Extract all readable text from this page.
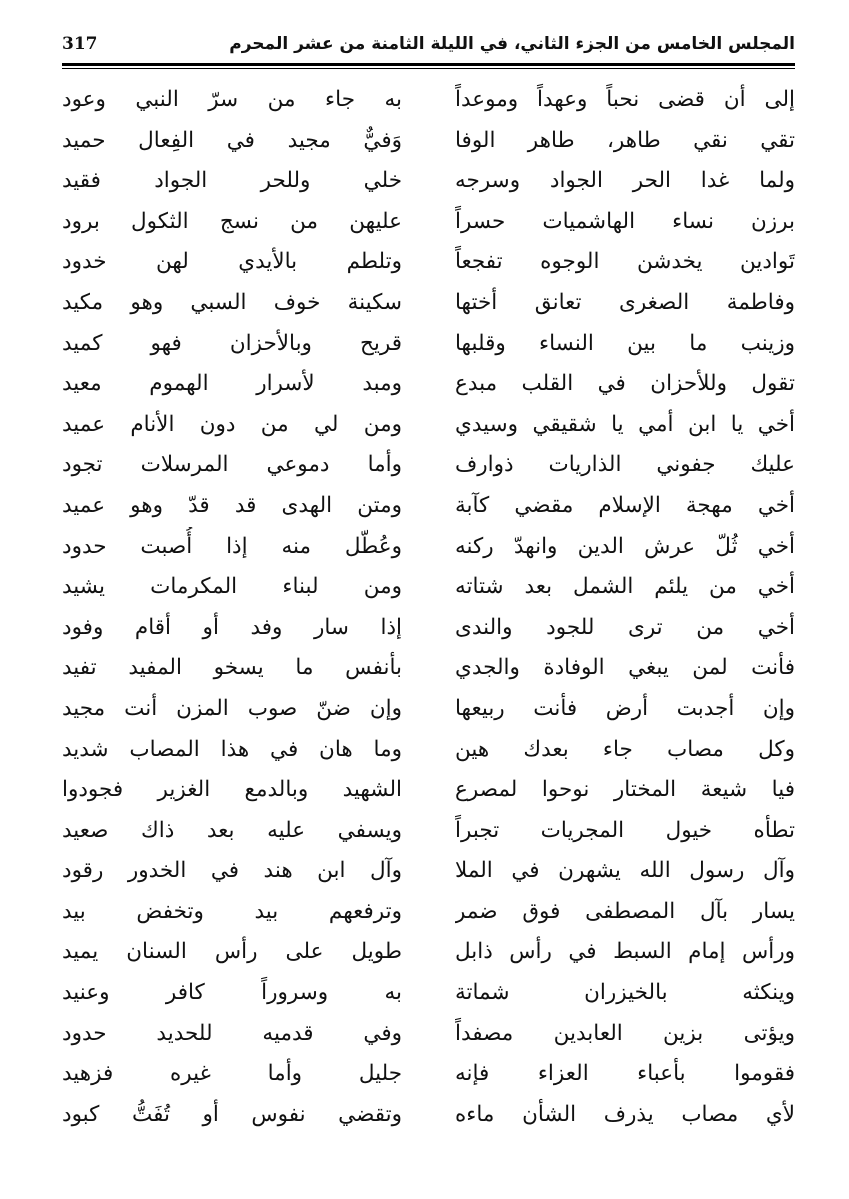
المجلس الخامس من الجزء الثاني، في الليلة الثامنة من عشر المحرم
317
إلى أن قضى نحباً وعهداً وموعداً
به جاء من سرّ النبي وعود
تقي نقي طاهر، طاهر الوفا
وَفيٌّ مجيد في الفِعال حميد
ولما غدا الحر الجواد وسرجه
خلي وللحر الجواد فقيد
برزن نساء الهاشميات حسراً
عليهن من نسج الثكول برود
تَوادين يخدشن الوجوه تفجعاً
وتلطم بالأيدي لهن خدود
وفاطمة الصغرى تعانق أختها
سكينة خوف السبي وهو مكيد
وزينب ما بين النساء وقلبها
قريح وبالأحزان فهو كميد
تقول وللأحزان في القلب مبدع
ومبد لأسرار الهموم معيد
أخي يا ابن أمي يا شقيقي وسيدي
ومن لي من دون الأنام عميد
عليك جفوني الذاريات ذوارف
وأما دموعي المرسلات تجود
أخي مهجة الإسلام مقضي كآبة
ومتن الهدى قد قدّ وهو عميد
أخي ثُلّ عرش الدين وانهدّ ركنه
وعُطّل منه إذا أُصبت حدود
أخي من يلئم الشمل بعد شتاته
ومن لبناء المكرمات يشيد
أخي من ترى للجود والندى
إذا سار وفد أو أقام وفود
فأنت لمن يبغي الوفادة والجدي
بأنفس ما يسخو المفيد تفيد
وإن أجدبت أرض فأنت ربيعها
وإن ضنّ صوب المزن أنت مجيد
وكل مصاب جاء بعدك هين
وما هان في هذا المصاب شديد
فيا شيعة المختار نوحوا لمصرع
الشهيد وبالدمع الغزير فجودوا
تطأه خيول المجريات تجبراً
ويسفي عليه بعد ذاك صعيد
وآل رسول الله يشهرن في الملا
وآل ابن هند في الخدور رقود
يسار بآل المصطفى فوق ضمر
وترفعهم بيد وتخفض بيد
ورأس إمام السبط في رأس ذابل
طويل على رأس السنان يميد
وينكثه بالخيزران شماتة
به وسروراً كافر وعنيد
ويؤتى بزين العابدين مصفداً
وفي قدميه للحديد حدود
فقوموا بأعباء العزاء فإنه
جليل وأما غيره فزهيد
لأي مصاب يذرف الشأن ماءه
وتقضي نفوس أو تُفَتُّ كبود
